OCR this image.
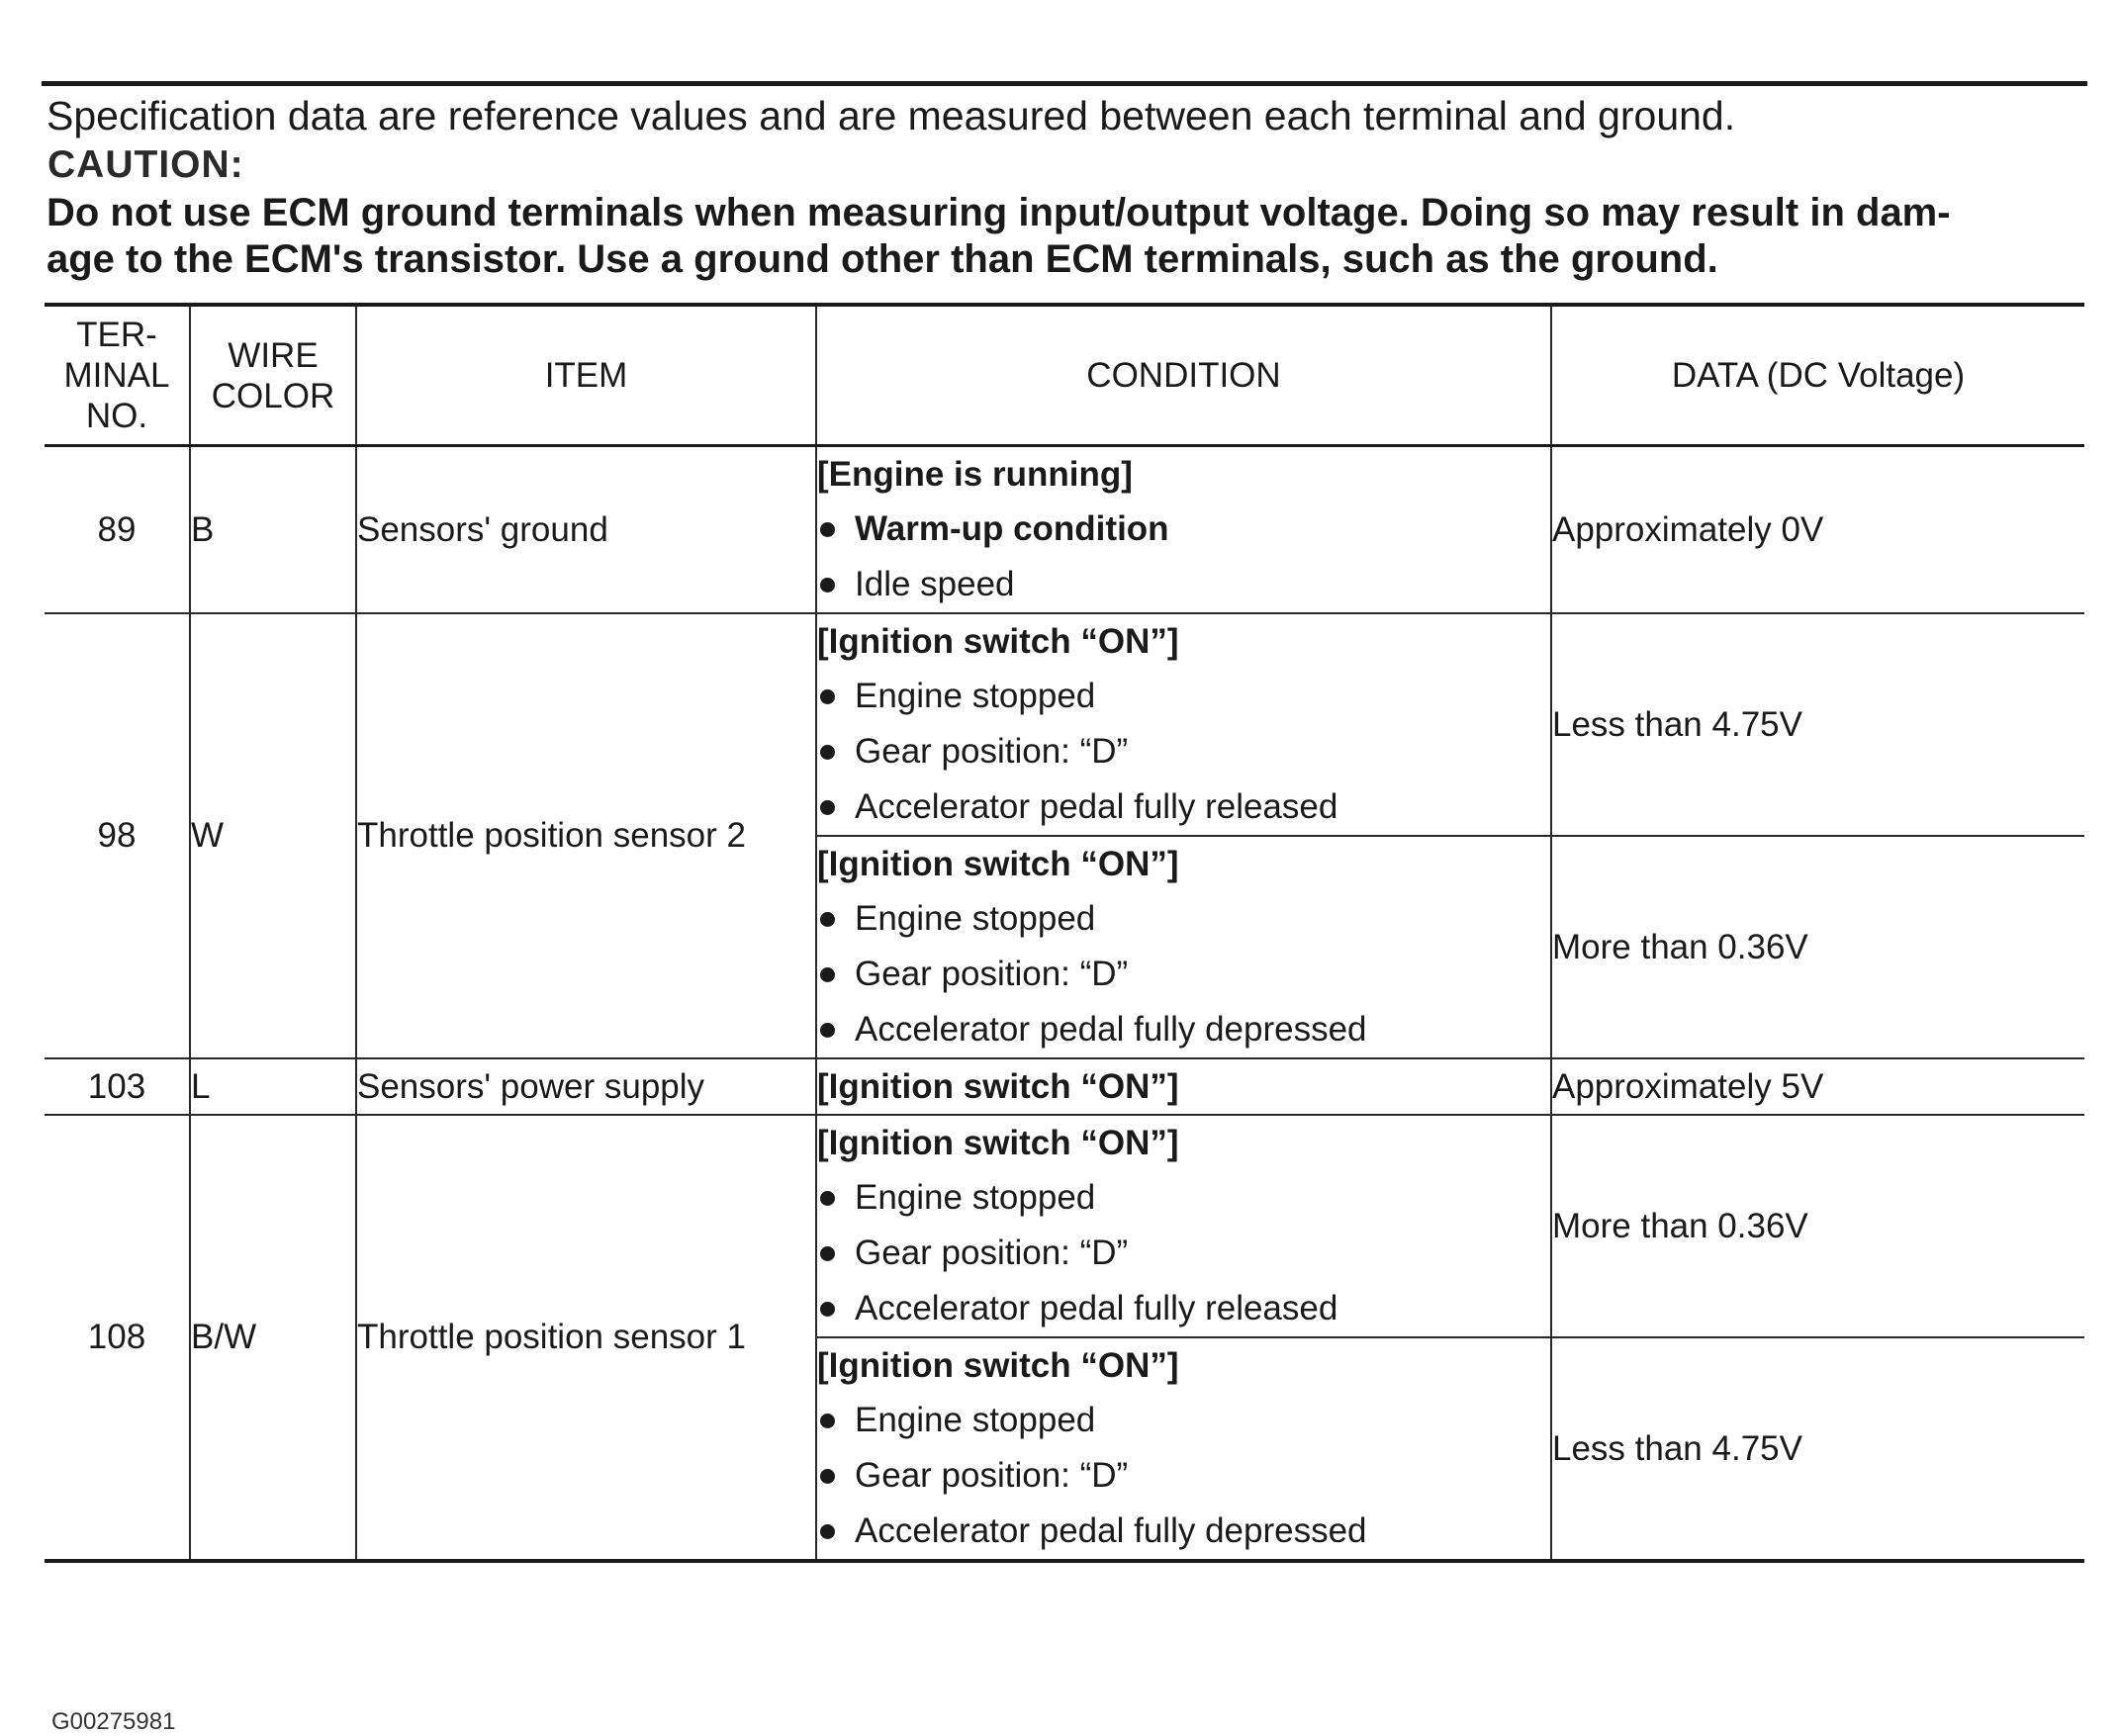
Specification data are reference values and are measured between each terminal and ground.
CAUTION:
Do not use ECM ground terminals when measuring input/output voltage. Doing so may result in dam-
age to the ECM's transistor. Use a ground other than ECM terminals, such as the ground.
TER-
MINAL
NO.	WIRE
COLOR	ITEM	CONDITION	DATA (DC Voltage)
89	B	Sensors' ground	[Engine is running]
Warm-up condition
Idle speed	Approximately 0V
98	W	Throttle position sensor 2	[Ignition switch “ON”]
Engine stopped
Gear position: “D”
Accelerator pedal fully released	Less than 4.75V

			[Ignition switch “ON”]
Engine stopped
Gear position: “D”
Accelerator pedal fully depressed	More than 0.36V
103	L	Sensors' power supply	[Ignition switch “ON”]	Approximately 5V
108	B/W	Throttle position sensor 1	[Ignition switch “ON”]
Engine stopped
Gear position: “D”
Accelerator pedal fully released	More than 0.36V

			[Ignition switch “ON”]
Engine stopped
Gear position: “D”
Accelerator pedal fully depressed	Less than 4.75V
G00275981
